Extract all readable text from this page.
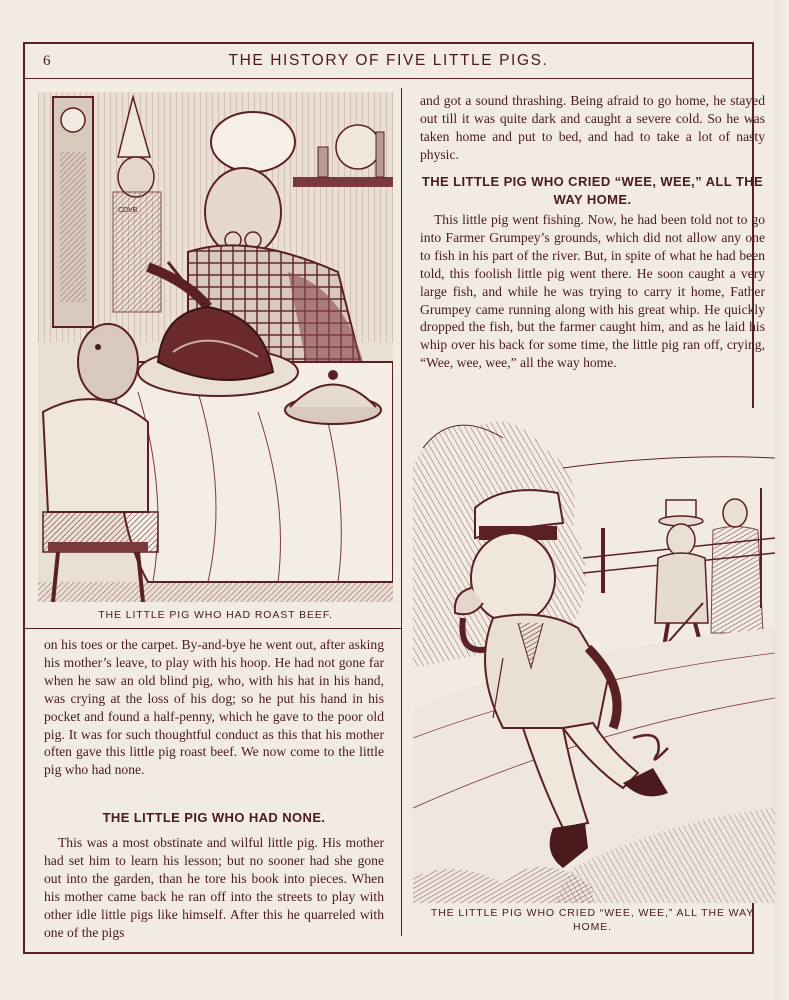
6	THE HISTORY OF FIVE LITTLE PIGS.
CDVB
THE LITTLE PIG WHO HAD ROAST BEEF.

on his toes or the carpet. By-and-bye he went out, after asking his mother’s leave, to play with his hoop. He had not gone far when he saw an old blind pig, who, with his hat in his hand, was crying at the loss of his dog; so he put his hand in his pocket and found a half-penny, which he gave to the poor old pig. It was for such thoughtful conduct as this that his mother often gave this little pig roast beef. We now come to the little pig who had none.

THE LITTLE PIG WHO HAD NONE.

This was a most obstinate and wilful little pig. His mother had set him to learn his lesson; but no sooner had she gone out into the garden, than he tore his book into pieces. When his mother came back he ran off into the streets to play with other idle little pigs like himself. After this he quarreled with one of the pigs

and got a sound thrashing. Being afraid to go home, he stayed out till it was quite dark and caught a severe cold. So he was taken home and put to bed, and had to take a lot of nasty physic.

THE LITTLE PIG WHO CRIED “WEE, WEE,” ALL THE WAY HOME.

This little pig went fishing. Now, he had been told not to go into Farmer Grumpey’s grounds, which did not allow any one to fish in his part of the river. But, in spite of what he had been told, this foolish little pig went there. He soon caught a very large fish, and while he was trying to carry it home, Father Grumpey came running along with his great whip. He quickly dropped the fish, but the farmer caught him, and as he laid his whip over his back for some time, the little pig ran off, crying, “Wee, wee, wee,” all the way home.

THE LITTLE PIG WHO CRIED “WEE, WEE,” ALL THE WAY HOME.
